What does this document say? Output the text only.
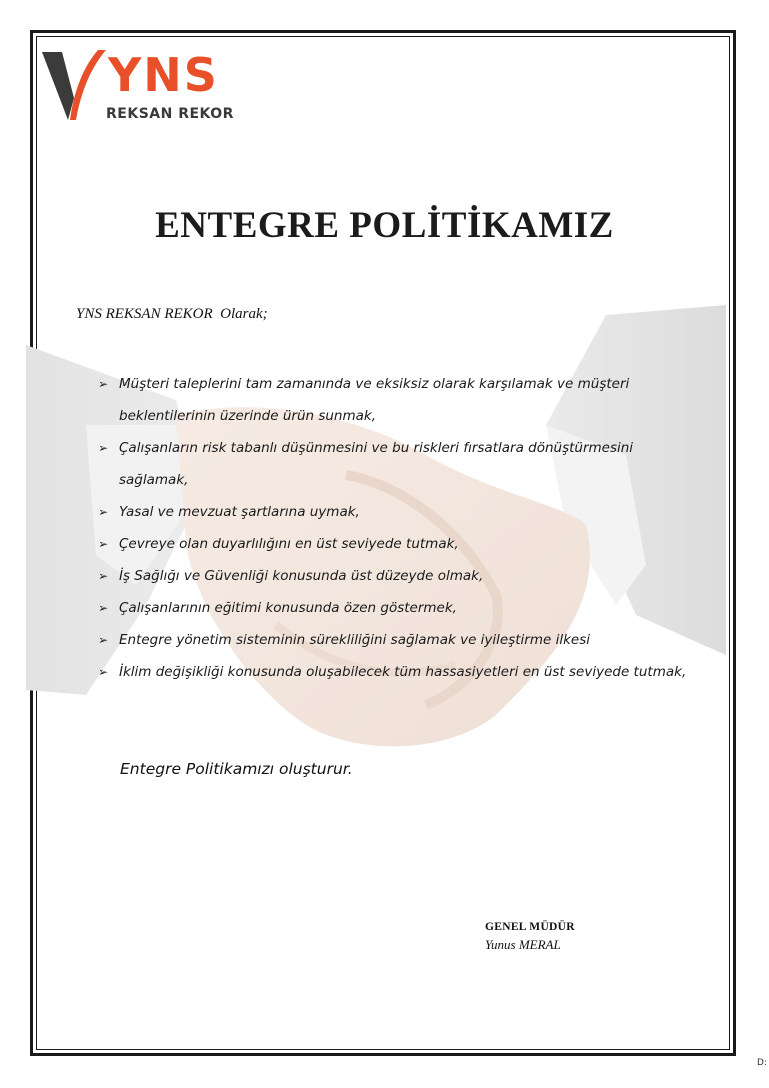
YNS
REKSAN REKOR
ENTEGRE POLİTİKAMIZ
YNS REKSAN REKOR  Olarak;
➢ Müşteri taleplerini tam zamanında ve eksiksiz olarak karşılamak ve müşteri beklentilerinin üzerinde ürün sunmak,
➢ Çalışanların risk tabanlı düşünmesini ve bu riskleri fırsatlara dönüştürmesini sağlamak,
➢ Yasal ve mevzuat şartlarına uymak,
➢ Çevreye olan duyarlılığını en üst seviyede tutmak,
➢ İş Sağlığı ve Güvenliği konusunda üst düzeyde olmak,
➢ Çalışanlarının eğitimi konusunda özen göstermek,
➢ Entegre yönetim sisteminin sürekliliğini sağlamak ve iyileştirme ilkesi
➢ İklim değişikliği konusunda oluşabilecek tüm hassasiyetleri en üst seviyede tutmak,
Entegre Politikamızı oluşturur.
GENEL MÜDÜR
Yunus MERAL
D:
